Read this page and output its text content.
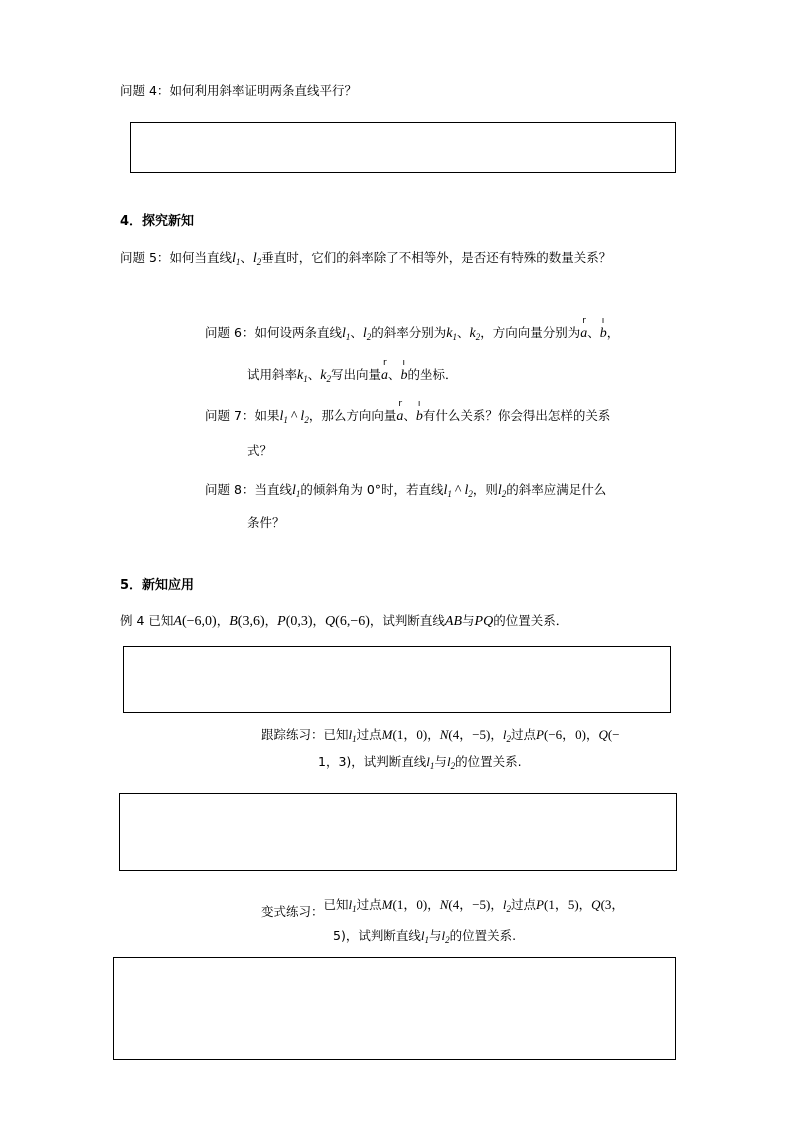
问题 4：如何利用斜率证明两条直线平行？
4．探究新知
问题 5：如何当直线$l_1$、$l_2$垂直时，它们的斜率除了不相等外，是否还有特殊的数量关系？
问题 6：如何设两条直线$l_1$、$l_2$的斜率分别为$k_1$、$k_2$，方向向量分别为
r
a、
ı
b，
试用斜率$k_1$、$k_2$写出向量
r
a、
ı
b的坐标．
问题 7：如果$l_1$ ^ $l_2$，那么方向向量
r
a、
ı
b有什么关系？你会得出怎样的关系
式？
问题 8：当直线$l_1$的倾斜角为 0°时，若直线$l_1$ ^ $l_2$，则$l_2$的斜率应满足什么
条件？
5．新知应用
例 4 已知A(−6,0)，B(3,6)，P(0,3)，Q(6,−6)，试判断直线AB与PQ的位置关系．
跟踪练习：已知$l_1$过点M(1，0)，N(4，−5)，$l_2$过点P(−6，0)，Q(−
1，3)，试判断直线$l_1$与$l_2$的位置关系.
变式练习：已知$l_1$过点M(1，0)，N(4，−5)，$l_2$过点P(1，5)，Q(3，
5)，试判断直线$l_1$与$l_2$的位置关系.
